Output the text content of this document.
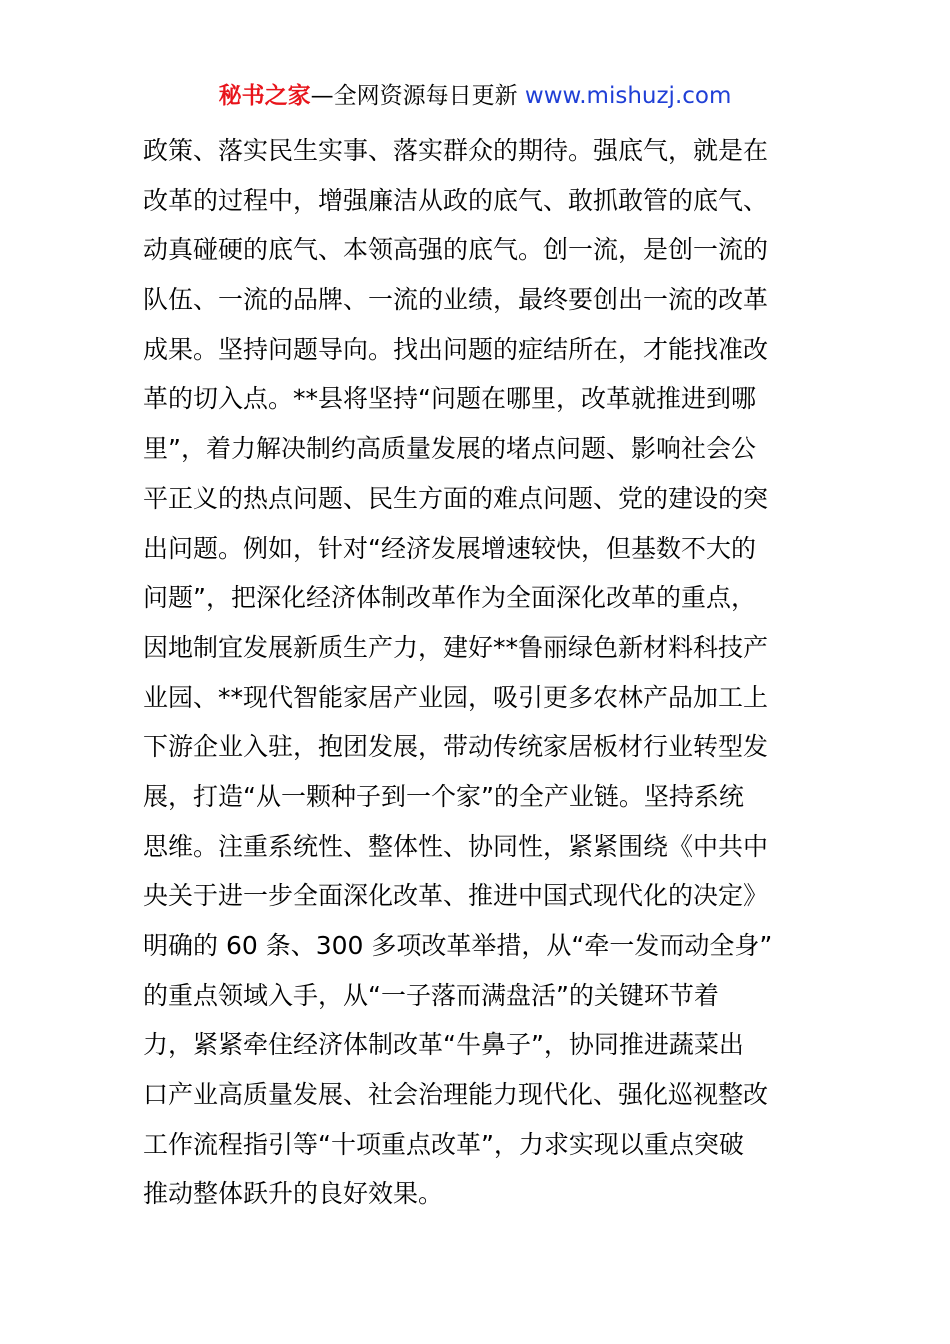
秘书之家—全网资源每日更新 www.mishuzj.com
政策、落实民生实事、落实群众的期待。强底气，就是在
改革的过程中，增强廉洁从政的底气、敢抓敢管的底气、
动真碰硬的底气、本领高强的底气。创一流，是创一流的
队伍、一流的品牌、一流的业绩，最终要创出一流的改革
成果。坚持问题导向。找出问题的症结所在，才能找准改
革的切入点。**县将坚持“问题在哪里，改革就推进到哪
里”，着力解决制约高质量发展的堵点问题、影响社会公
平正义的热点问题、民生方面的难点问题、党的建设的突
出问题。例如，针对“经济发展增速较快，但基数不大的
问题”，把深化经济体制改革作为全面深化改革的重点，
因地制宜发展新质生产力，建好**鲁丽绿色新材料科技产
业园、**现代智能家居产业园，吸引更多农林产品加工上
下游企业入驻，抱团发展，带动传统家居板材行业转型发
展，打造“从一颗种子到一个家”的全产业链。坚持系统
思维。注重系统性、整体性、协同性，紧紧围绕《中共中
央关于进一步全面深化改革、推进中国式现代化的决定》
明确的 60 条、300 多项改革举措，从“牵一发而动全身”
的重点领域入手，从“一子落而满盘活”的关键环节着
力，紧紧牵住经济体制改革“牛鼻子”，协同推进蔬菜出
口产业高质量发展、社会治理能力现代化、强化巡视整改
工作流程指引等“十项重点改革”，力求实现以重点突破
推动整体跃升的良好效果。
